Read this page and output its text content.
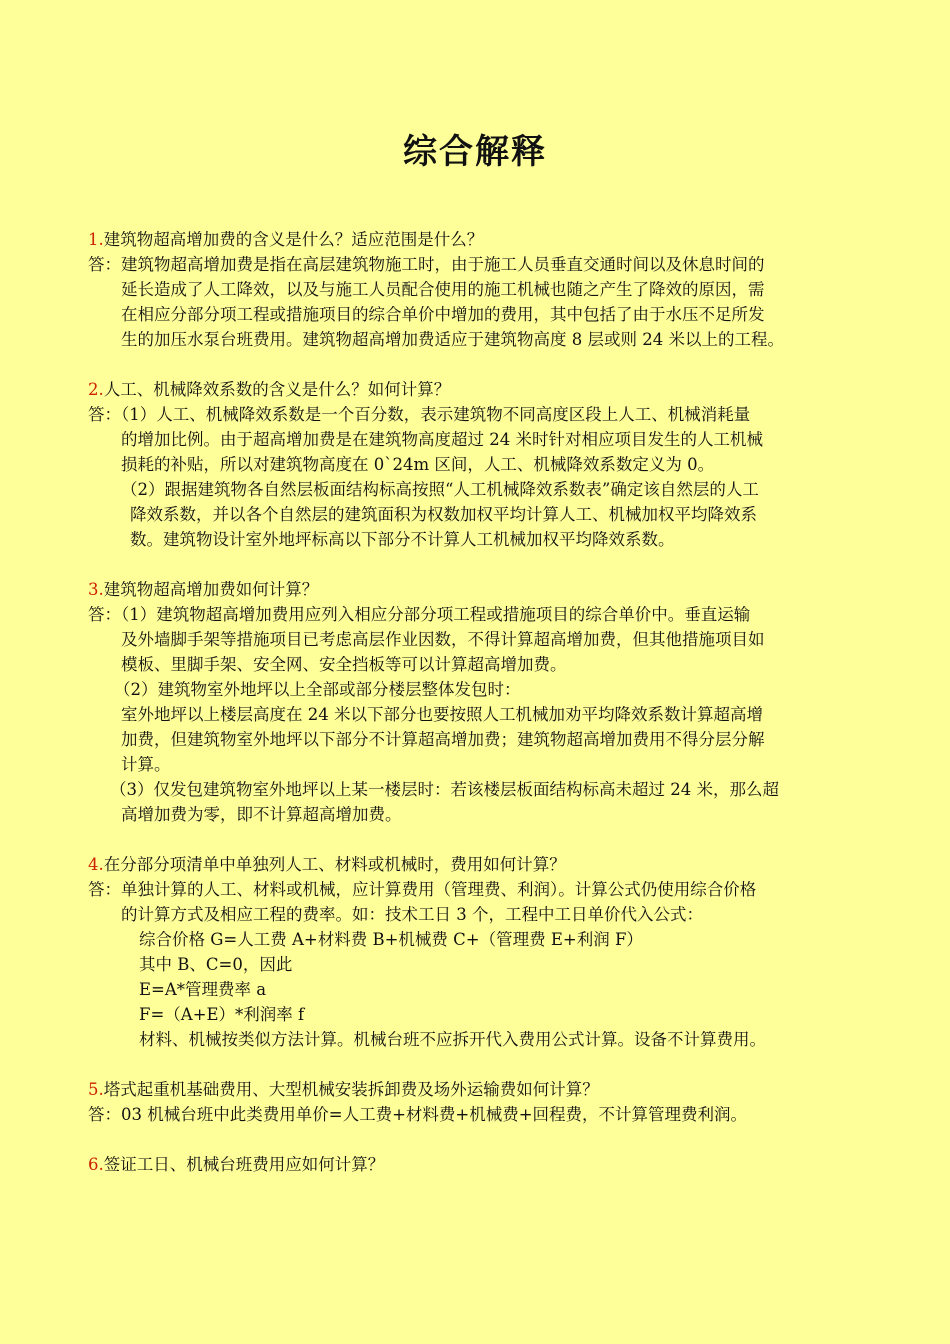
综合解释
1.建筑物超高增加费的含义是什么？适应范围是什么？
答：建筑物超高增加费是指在高层建筑物施工时，由于施工人员垂直交通时间以及休息时间的
延长造成了人工降效，以及与施工人员配合使用的施工机械也随之产生了降效的原因，需
在相应分部分项工程或措施项目的综合单价中增加的费用，其中包括了由于水压不足所发
生的加压水泵台班费用。建筑物超高增加费适应于建筑物高度 8 层或则 24 米以上的工程。
2.人工、机械降效系数的含义是什么？如何计算？
答：（1）人工、机械降效系数是一个百分数，表示建筑物不同高度区段上人工、机械消耗量
的增加比例。由于超高增加费是在建筑物高度超过 24 米时针对相应项目发生的人工机械
损耗的补贴，所以对建筑物高度在 0`24m 区间，人工、机械降效系数定义为 0。
（2）跟据建筑物各自然层板面结构标高按照“人工机械降效系数表”确定该自然层的人工
降效系数，并以各个自然层的建筑面积为权数加权平均计算人工、机械加权平均降效系
数。建筑物设计室外地坪标高以下部分不计算人工机械加权平均降效系数。
3.建筑物超高增加费如何计算？
答：（1）建筑物超高增加费用应列入相应分部分项工程或措施项目的综合单价中。垂直运输
及外墙脚手架等措施项目已考虑高层作业因数，不得计算超高增加费，但其他措施项目如
模板、里脚手架、安全网、安全挡板等可以计算超高增加费。
（2）建筑物室外地坪以上全部或部分楼层整体发包时：
室外地坪以上楼层高度在 24 米以下部分也要按照人工机械加劝平均降效系数计算超高增
加费，但建筑物室外地坪以下部分不计算超高增加费；建筑物超高增加费用不得分层分解
计算。
（3）仅发包建筑物室外地坪以上某一楼层时：若该楼层板面结构标高未超过 24 米，那么超
高增加费为零，即不计算超高增加费。
4.在分部分项清单中单独列人工、材料或机械时，费用如何计算？
答：单独计算的人工、材料或机械，应计算费用（管理费、利润）。计算公式仍使用综合价格
的计算方式及相应工程的费率。如：技术工日 3 个，工程中工日单价代入公式：
综合价格 G=人工费 A+材料费 B+机械费 C+（管理费 E+利润 F）
其中 B、C=0，因此
E=A*管理费率 a
F=（A+E）*利润率 f
材料、机械按类似方法计算。机械台班不应拆开代入费用公式计算。设备不计算费用。
5.塔式起重机基础费用、大型机械安装拆卸费及场外运输费如何计算？
答：03 机械台班中此类费用单价=人工费+材料费+机械费+回程费，不计算管理费利润。
6.签证工日、机械台班费用应如何计算？
